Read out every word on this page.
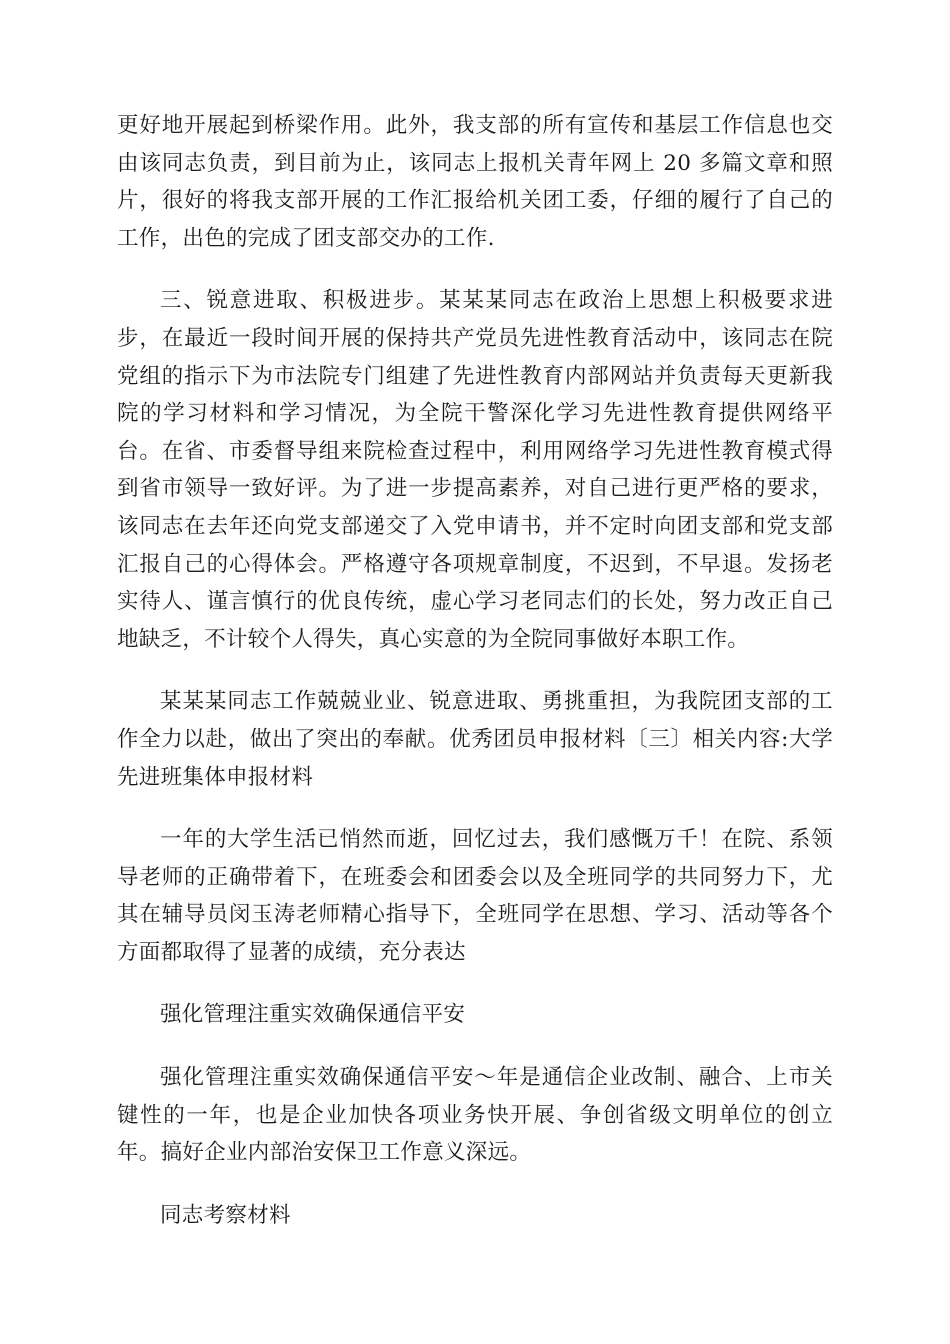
更好地开展起到桥梁作用。此外，我支部的所有宣传和基层工作信息也交由该同志负责，到目前为止，该同志上报机关青年网上 20 多篇文章和照片，很好的将我支部开展的工作汇报给机关团工委，仔细的履行了自己的工作，出色的完成了团支部交办的工作.

三、锐意进取、积极进步。某某某同志在政治上思想上积极要求进步，在最近一段时间开展的保持共产党员先进性教育活动中，该同志在院党组的指示下为市法院专门组建了先进性教育内部网站并负责每天更新我院的学习材料和学习情况，为全院干警深化学习先进性教育提供网络平台。在省、市委督导组来院检查过程中，利用网络学习先进性教育模式得到省市领导一致好评。为了进一步提高素养，对自己进行更严格的要求，该同志在去年还向党支部递交了入党申请书，并不定时向团支部和党支部汇报自己的心得体会。严格遵守各项规章制度，不迟到，不早退。发扬老实待人、谨言慎行的优良传统，虚心学习老同志们的长处，努力改正自己地缺乏，不计较个人得失，真心实意的为全院同事做好本职工作。

某某某同志工作兢兢业业、锐意进取、勇挑重担，为我院团支部的工作全力以赴，做出了突出的奉献。优秀团员申报材料〔三〕相关内容:大学先进班集体申报材料

一年的大学生活已悄然而逝，回忆过去，我们感慨万千！在院、系领导老师的正确带着下，在班委会和团委会以及全班同学的共同努力下，尤其在辅导员闵玉涛老师精心指导下，全班同学在思想、学习、活动等各个方面都取得了显著的成绩，充分表达

强化管理注重实效确保通信平安

强化管理注重实效确保通信平安～年是通信企业改制、融合、上市关键性的一年，也是企业加快各项业务快开展、争创省级文明单位的创立年。搞好企业内部治安保卫工作意义深远。

同志考察材料
